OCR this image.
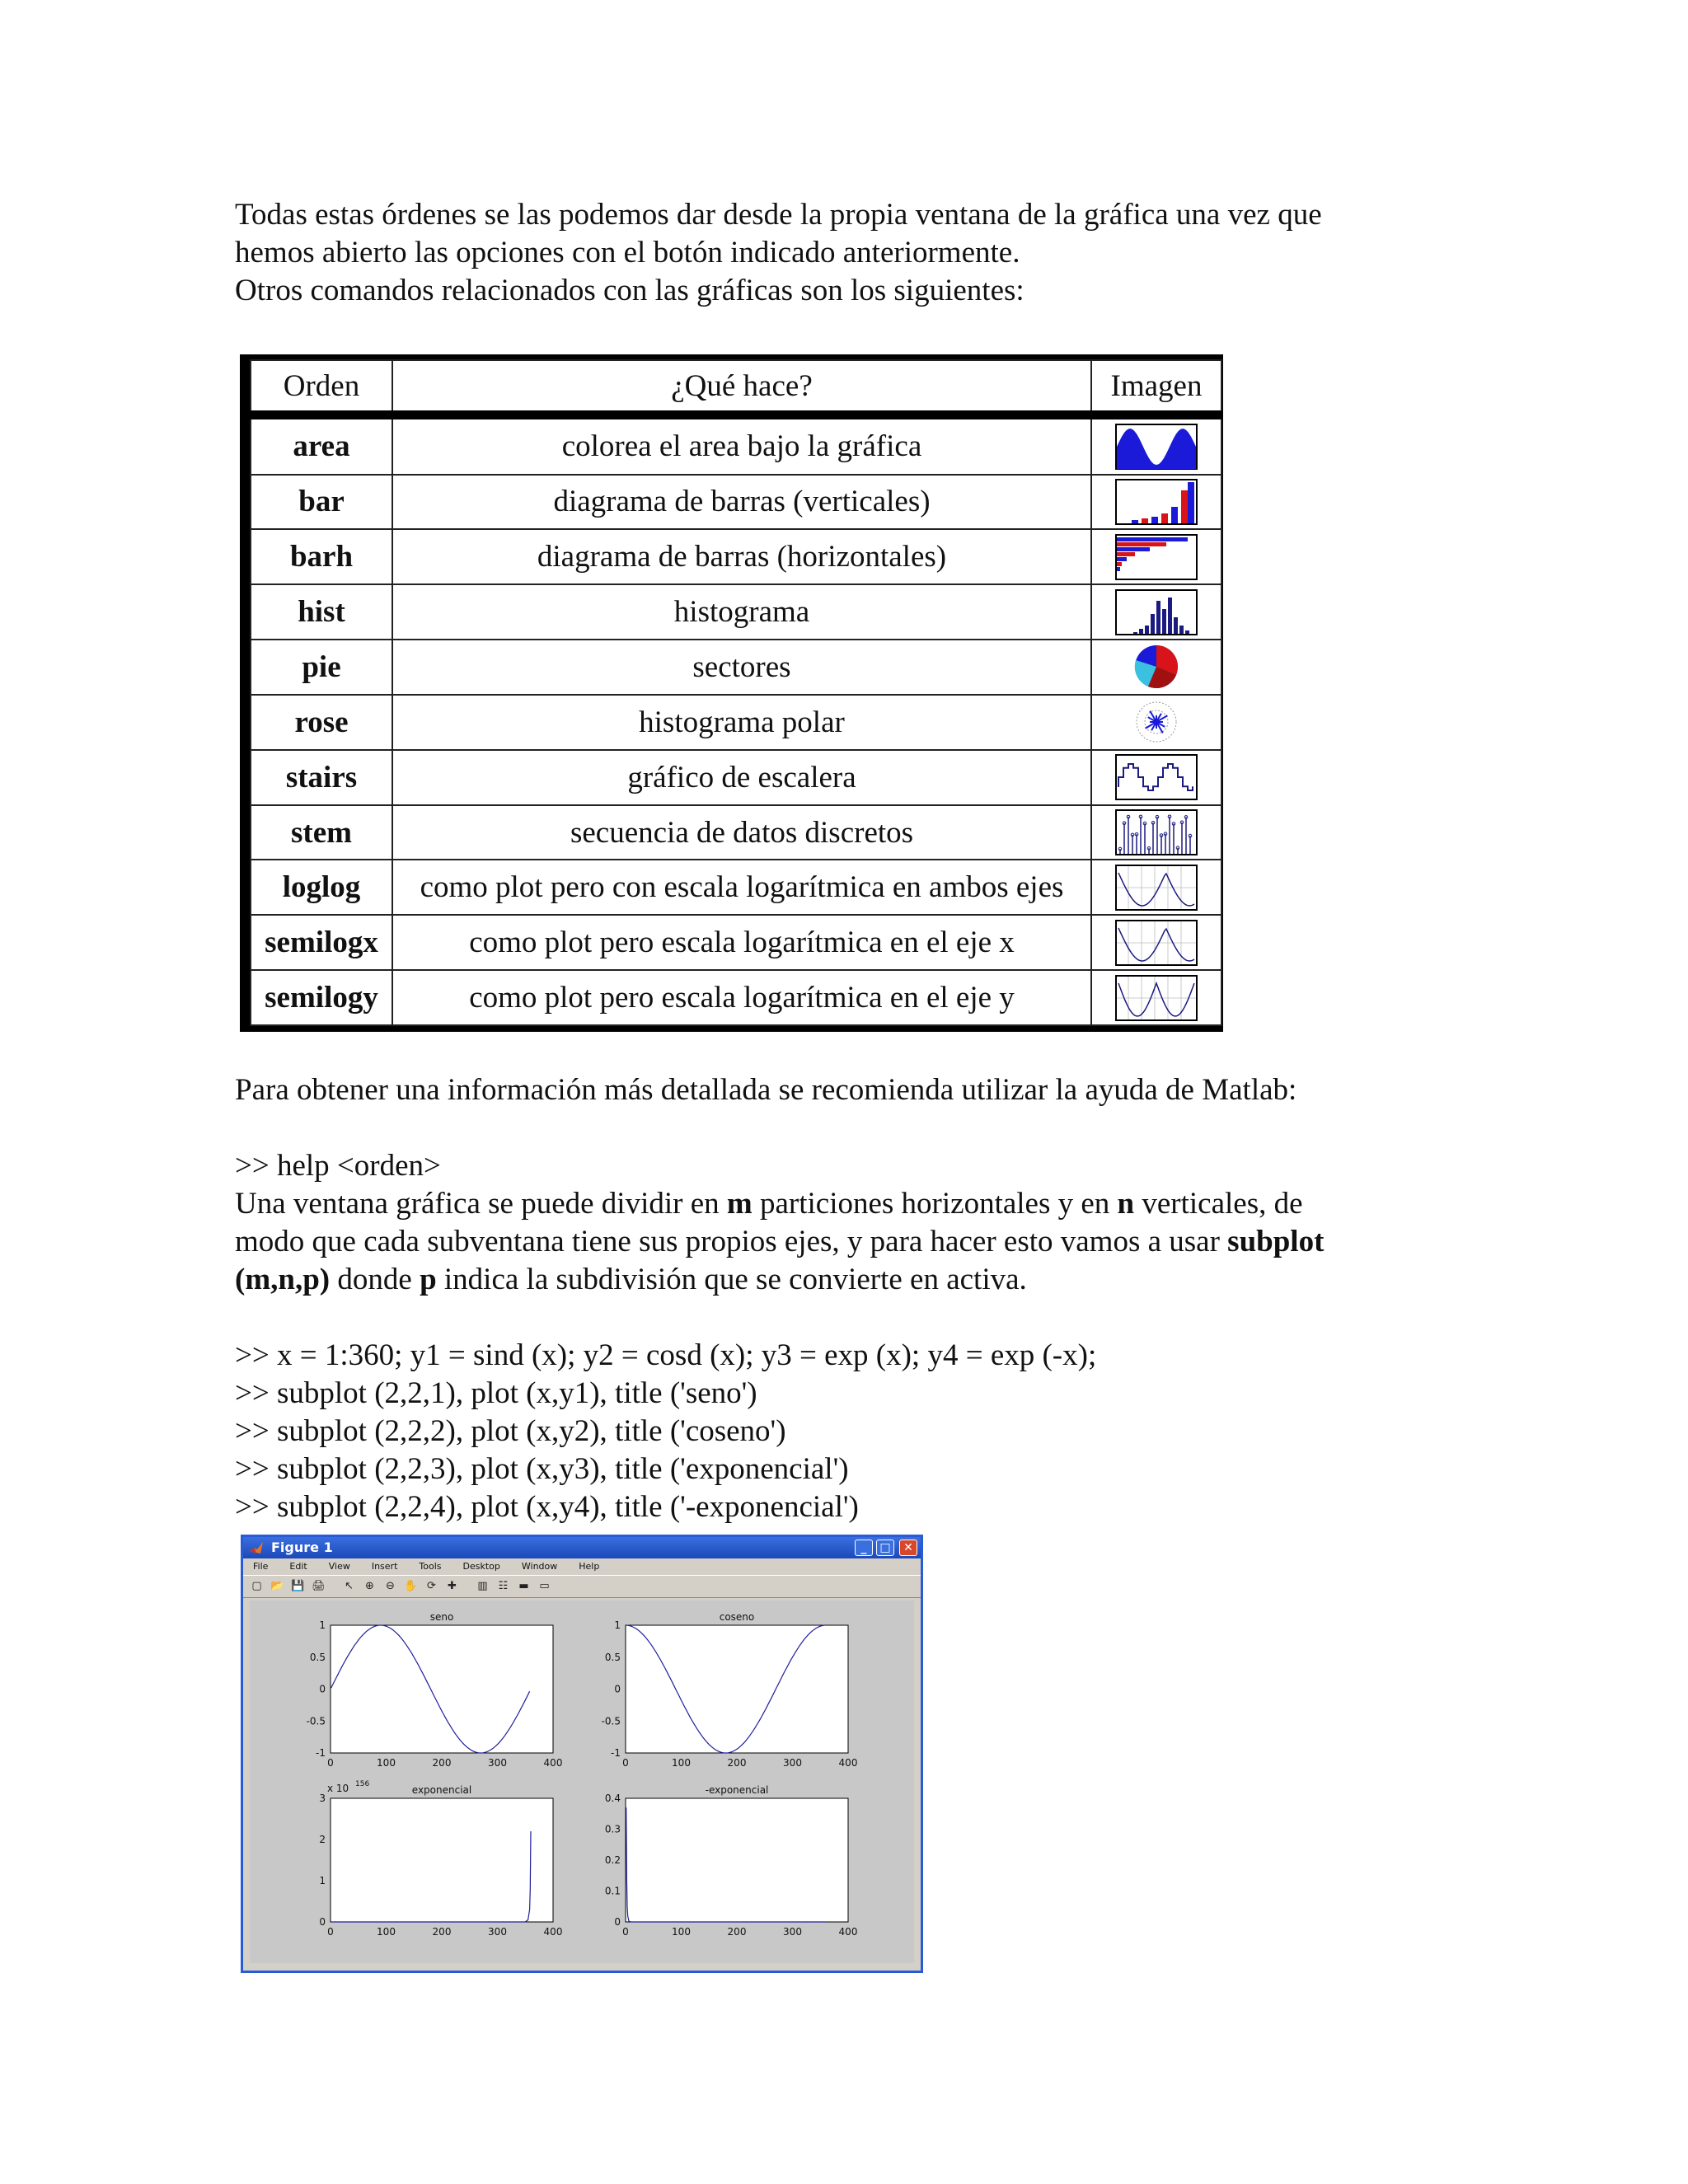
Todas estas órdenes se las podemos dar desde la propia ventana de la gráfica una vez que
hemos abierto las opciones con el botón indicado anteriormente.
Otros comandos relacionados con las gráficas son los siguientes:
Orden	¿Qué hace?	Imagen
area	colorea el area bajo la gráfica	

bar	diagrama de barras (verticales)	

barh	diagrama de barras (horizontales)	

hist	histograma	

pie	sectores	

rose	histograma polar	

stairs	gráfico de escalera	

stem	secuencia de datos discretos	

loglog	como plot pero con escala logarítmica en ambos ejes	

semilogx	como plot pero escala logarítmica en el eje x	

semilogy	como plot pero escala logarítmica en el eje y	
Para obtener una información más detallada se recomienda utilizar la ayuda de Matlab:
>> help <orden>
Una ventana gráfica se puede dividir en m particiones horizontales y en n verticales, de
modo que cada subventana tiene sus propios ejes, y para hacer esto vamos a usar subplot
(m,n,p) donde p indica la subdivisión que se convierte en activa.
>> x = 1:360; y1 = sind (x); y2 = cosd (x); y3 = exp (x); y4 = exp (-x);
>> subplot (2,2,1), plot (x,y1), title ('seno')
>> subplot (2,2,2), plot (x,y2), title ('coseno')
>> subplot (2,2,3), plot (x,y3), title ('exponencial')
>> subplot (2,2,4), plot (x,y4), title ('-exponencial')
Figure 1	_	□	✕
File Edit View Insert Tools Desktop Window Help
▢ 📂 💾 🖨 ↖ ⊕ ⊖ ✋ ⟳ ✚ ▥ ☷ ▬ ▭
seno
0	100	200	300	400
1
0.5
0
-0.5
-1
coseno
0	100	200	300	400
1
0.5
0
-0.5
-1
exponencial
0	100	200	300	400
3
2
1
0
x 10 156	-exponencial
0	100	200	300	400
0.4
0.3
0.2
0.1
0
